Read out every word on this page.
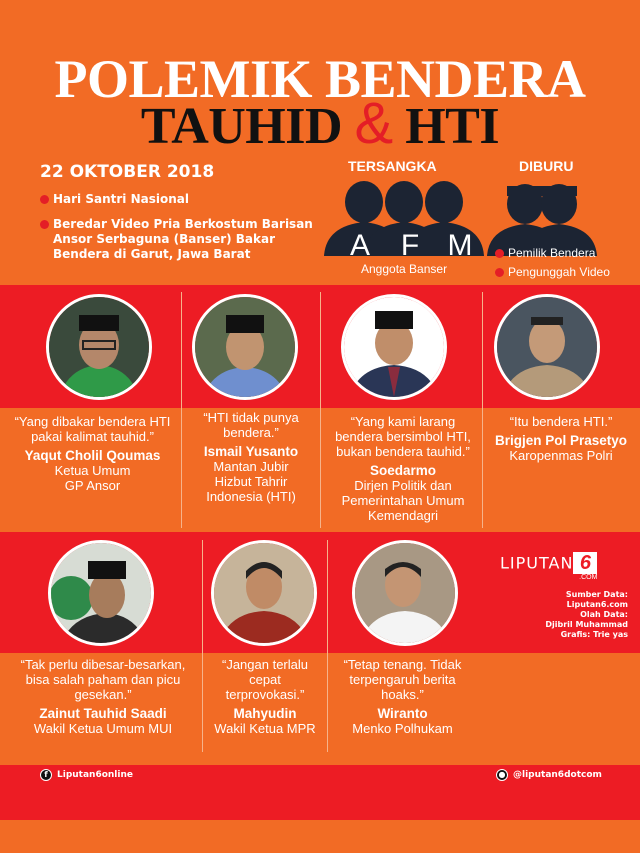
POLEMIK BENDERA
TAUHID & HTI
22 OKTOBER 2018
Hari Santri Nasional
Beredar Video Pria Berkostum Barisan Ansor Serbaguna (Banser) Bakar Bendera di Garut, Jawa Barat
TERSANGKA	DIBURU
A	F M
Anggota Banser
Pemilik Bendera
Pengunggah Video
“Yang dibakar bendera HTI pakai kalimat tauhid.”
Yaqut Cholil Qoumas
Ketua Umum GP Ansor
“HTI tidak punya bendera.”
Ismail Yusanto
Mantan Jubir Hizbut Tahrir Indonesia (HTI)
“Yang kami larang bendera bersimbol HTI, bukan bendera tauhid.”
Soedarmo
Dirjen Politik dan Pemerintahan Umum Kemendagri
“Itu bendera HTI.”
Brigjen Pol Prasetyo
Karopenmas Polri
“Tak perlu dibesar-besarkan, bisa salah paham dan picu gesekan.”
Zainut Tauhid Saadi
Wakil Ketua Umum MUI
“Jangan terlalu cepat terprovokasi.”
Mahyudin
Wakil Ketua MPR
“Tetap tenang. Tidak terpengaruh berita hoaks.”
Wiranto
Menko Polhukam
LIPUTAN 6
.COM
Sumber Data:
Liputan6.com
Olah Data:
Djibril Muhammad
Grafis: Trie yas
f	Liputan6online	● @liputan6dotcom
